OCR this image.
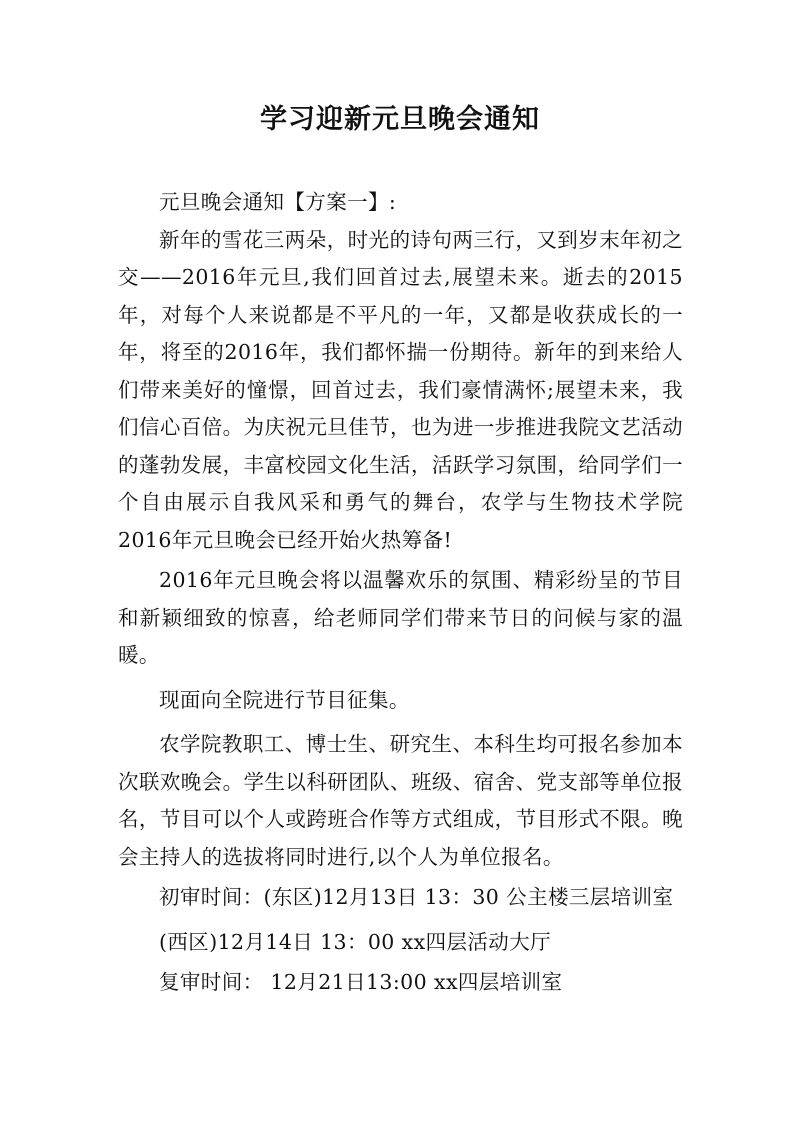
学习迎新元旦晚会通知

元旦晚会通知【方案一】:

新年的雪花三两朵，时光的诗句两三行，又到岁末年初之交——2016年元旦,我们回首过去,展望未来。逝去的2015年，对每个人来说都是不平凡的一年，又都是收获成长的一年，将至的2016年，我们都怀揣一份期待。新年的到来给人们带来美好的憧憬，回首过去，我们豪情满怀;展望未来，我们信心百倍。为庆祝元旦佳节，也为进一步推进我院文艺活动的蓬勃发展，丰富校园文化生活，活跃学习氛围，给同学们一个自由展示自我风采和勇气的舞台，农学与生物技术学院2016年元旦晚会已经开始火热筹备!

2016年元旦晚会将以温馨欢乐的氛围、精彩纷呈的节目和新颖细致的惊喜，给老师同学们带来节日的问候与家的温暖。

现面向全院进行节目征集。

农学院教职工、博士生、研究生、本科生均可报名参加本次联欢晚会。学生以科研团队、班级、宿舍、党支部等单位报名，节目可以个人或跨班合作等方式组成，节目形式不限。晚会主持人的选拔将同时进行,以个人为单位报名。

初审时间：(东区)12月13日 13：30 公主楼三层培训室

(西区)12月14日 13：00 xx四层活动大厅

复审时间： 12月21日13:00 xx四层培训室
